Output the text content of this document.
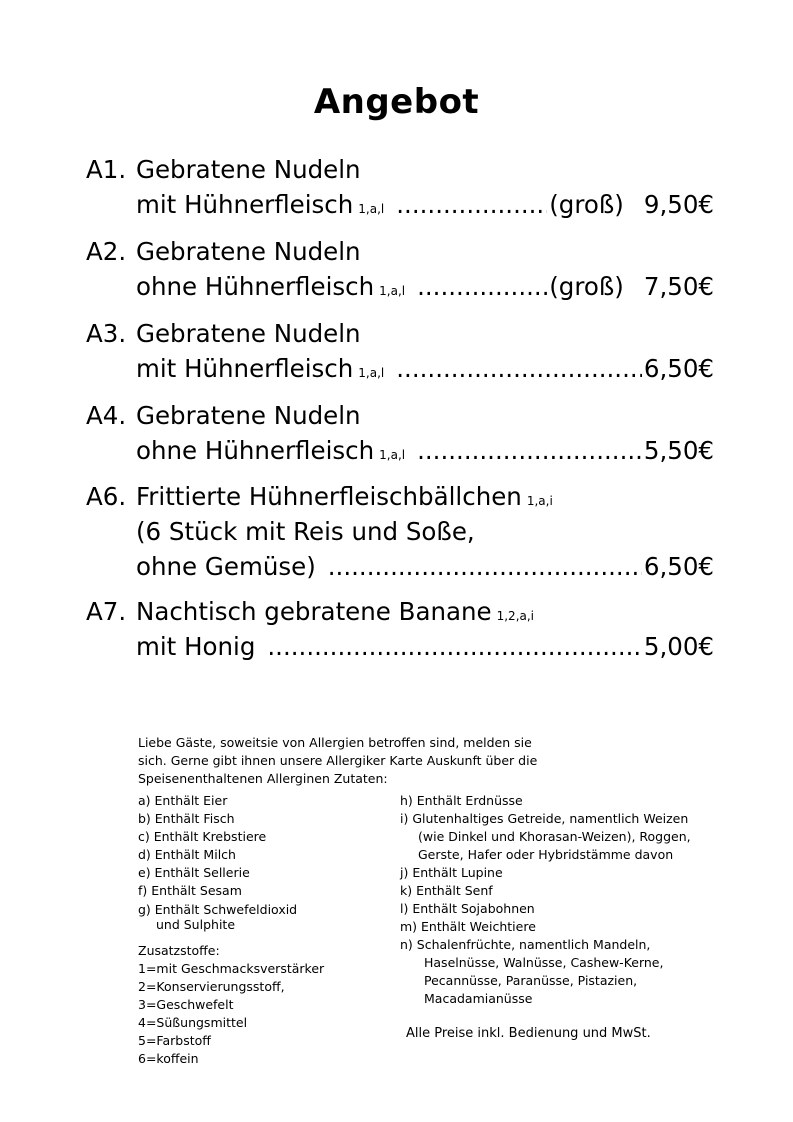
Angebot
A1. Gebratene Nudeln
mit Hühnerfleisch $_{1,a,l}$ .....	(groß) 9,50€
A2. Gebratene Nudeln
ohne Hühnerfleisch $_{1,a,l}$ .....	(groß) 7,50€
A3. Gebratene Nudeln
mit Hühnerfleisch $_{1,a,l}$ .....	6,50€
A4. Gebratene Nudeln
ohne Hühnerfleisch $_{1,a,l}$ .....	5,50€
A6. Frittierte Hühnerfleischbällchen $_{1,a,i}$
(6 Stück mit Reis und Soße,
ohne Gemüse) .....	6,50€
A7. Nachtisch gebratene Banane $_{1,2,a,i}$
mit Honig .....	5,00€

Liebe Gäste, soweitsie von Allergien betroffen sind, melden sie

sich. Gerne gibt ihnen unsere Allergiker Karte Auskunft über die

Speisenenthaltenen Allerginen Zutaten:

a) Enthält Eier
b) Enthält Fisch
c) Enthält Krebstiere
d) Enthält Milch
e) Enthält Sellerie
f) Enthält Sesam
g) Enthält Schwefeldioxid
und Sulphite
Zusatzstoffe:
1=mit Geschmacksverstärker
2=Konservierungsstoff,
3=Geschwefelt
4=Süßungsmittel
5=Farbstoff
6=koffein
h) Enthält Erdnüsse
i) Glutenhaltiges Getreide, namentlich Weizen
(wie Dinkel und Khorasan-Weizen), Roggen,
Gerste, Hafer oder Hybridstämme davon
j) Enthält Lupine
k) Enthält Senf
l) Enthält Sojabohnen
m) Enthält Weichtiere
n) Schalenfrüchte, namentlich Mandeln,
Haselnüsse, Walnüsse, Cashew-Kerne,
Pecannüsse, Paranüsse, Pistazien,
Macadamianüsse
Alle Preise inkl. Bedienung und MwSt.
